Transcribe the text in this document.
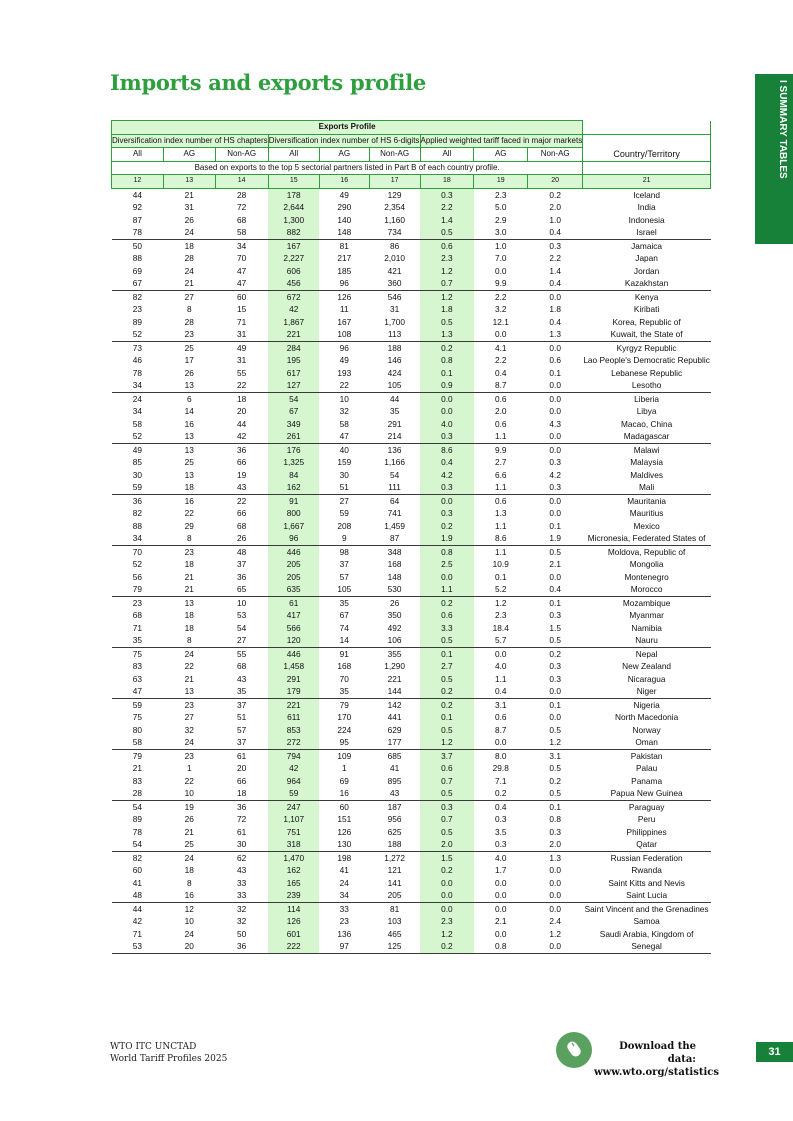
Imports and exports profile	I SUMMARY TABLES
Exports Profile									
Diversification index number of HS chapters			Diversification index number of HS 6-digits			Applied weighted tariff faced in major markets			Country/Territory
All	AG	Non-AG	All	AG	Non-AG	All	AG	Non-AG	
Based on exports to the top 5 sectorial partners listed in Part B of each country profile.									
12	13	14	15	16	17	18	19	20	21
44	21	28	178	49	129	0.3	2.3	0.2	Iceland
92	31	72	2,644	290	2,354	2.2	5.0	2.0	India
87	26	68	1,300	140	1,160	1.4	2.9	1.0	Indonesia
78	24	58	882	148	734	0.5	3.0	0.4	Israel
50	18	34	167	81	86	0.6	1.0	0.3	Jamaica
88	28	70	2,227	217	2,010	2.3	7.0	2.2	Japan
69	24	47	606	185	421	1.2	0.0	1.4	Jordan
67	21	47	456	96	360	0.7	9.9	0.4	Kazakhstan
82	27	60	672	126	546	1.2	2.2	0.0	Kenya
23	8	15	42	11	31	1.8	3.2	1.8	Kiribati
89	28	71	1,867	167	1,700	0.5	12.1	0.4	Korea, Republic of
52	23	31	221	108	113	1.3	0.0	1.3	Kuwait, the State of
73	25	49	284	96	188	0.2	4.1	0.0	Kyrgyz Republic
46	17	31	195	49	146	0.8	2.2	0.6	Lao People's Democratic Republic
78	26	55	617	193	424	0.1	0.4	0.1	Lebanese Republic
34	13	22	127	22	105	0.9	8.7	0.0	Lesotho
24	6	18	54	10	44	0.0	0.6	0.0	Liberia
34	14	20	67	32	35	0.0	2.0	0.0	Libya
58	16	44	349	58	291	4.0	0.6	4.3	Macao, China
52	13	42	261	47	214	0.3	1.1	0.0	Madagascar
49	13	36	176	40	136	8.6	9.9	0.0	Malawi
85	25	66	1,325	159	1,166	0.4	2.7	0.3	Malaysia
30	13	19	84	30	54	4.2	6.6	4.2	Maldives
59	18	43	162	51	111	0.3	1.1	0.3	Mali
36	16	22	91	27	64	0.0	0.6	0.0	Mauritania
82	22	66	800	59	741	0.3	1.3	0.0	Mauritius
88	29	68	1,667	208	1,459	0.2	1.1	0.1	Mexico
34	8	26	96	9	87	1.9	8.6	1.9	Micronesia, Federated States of
70	23	48	446	98	348	0.8	1.1	0.5	Moldova, Republic of
52	18	37	205	37	168	2.5	10.9	2.1	Mongolia
56	21	36	205	57	148	0.0	0.1	0.0	Montenegro
79	21	65	635	105	530	1.1	5.2	0.4	Morocco
23	13	10	61	35	26	0.2	1.2	0.1	Mozambique
68	18	53	417	67	350	0.6	2.3	0.3	Myanmar
71	18	54	566	74	492	3.3	18.4	1.5	Namibia
35	8	27	120	14	106	0.5	5.7	0.5	Nauru
75	24	55	446	91	355	0.1	0.0	0.2	Nepal
83	22	68	1,458	168	1,290	2.7	4.0	0.3	New Zealand
63	21	43	291	70	221	0.5	1.1	0.3	Nicaragua
47	13	35	179	35	144	0.2	0.4	0.0	Niger
59	23	37	221	79	142	0.2	3.1	0.1	Nigeria
75	27	51	611	170	441	0.1	0.6	0.0	North Macedonia
80	32	57	853	224	629	0.5	8.7	0.5	Norway
58	24	37	272	95	177	1.2	0.0	1.2	Oman
79	23	61	794	109	685	3.7	8.0	3.1	Pakistan
21	1	20	42	1	41	0.6	29.8	0.5	Palau
83	22	66	964	69	895	0.7	7.1	0.2	Panama
28	10	18	59	16	43	0.5	0.2	0.5	Papua New Guinea
54	19	36	247	60	187	0.3	0.4	0.1	Paraguay
89	26	72	1,107	151	956	0.7	0.3	0.8	Peru
78	21	61	751	126	625	0.5	3.5	0.3	Philippines
54	25	30	318	130	188	2.0	0.3	2.0	Qatar
82	24	62	1,470	198	1,272	1.5	4.0	1.3	Russian Federation
60	18	43	162	41	121	0.2	1.7	0.0	Rwanda
41	8	33	165	24	141	0.0	0.0	0.0	Saint Kitts and Nevis
48	16	33	239	34	205	0.0	0.0	0.0	Saint Lucia
44	12	32	114	33	81	0.0	0.0	0.0	Saint Vincent and the Grenadines
42	10	32	126	23	103	2.3	2.1	2.4	Samoa
71	24	50	601	136	465	1.2	0.0	1.2	Saudi Arabia, Kingdom of
53	20	36	222	97	125	0.2	0.8	0.0	Senegal
WTO ITC UNCTAD
World Tariff Profiles 2025
Download the data:
www.wto.org/statistics
31
